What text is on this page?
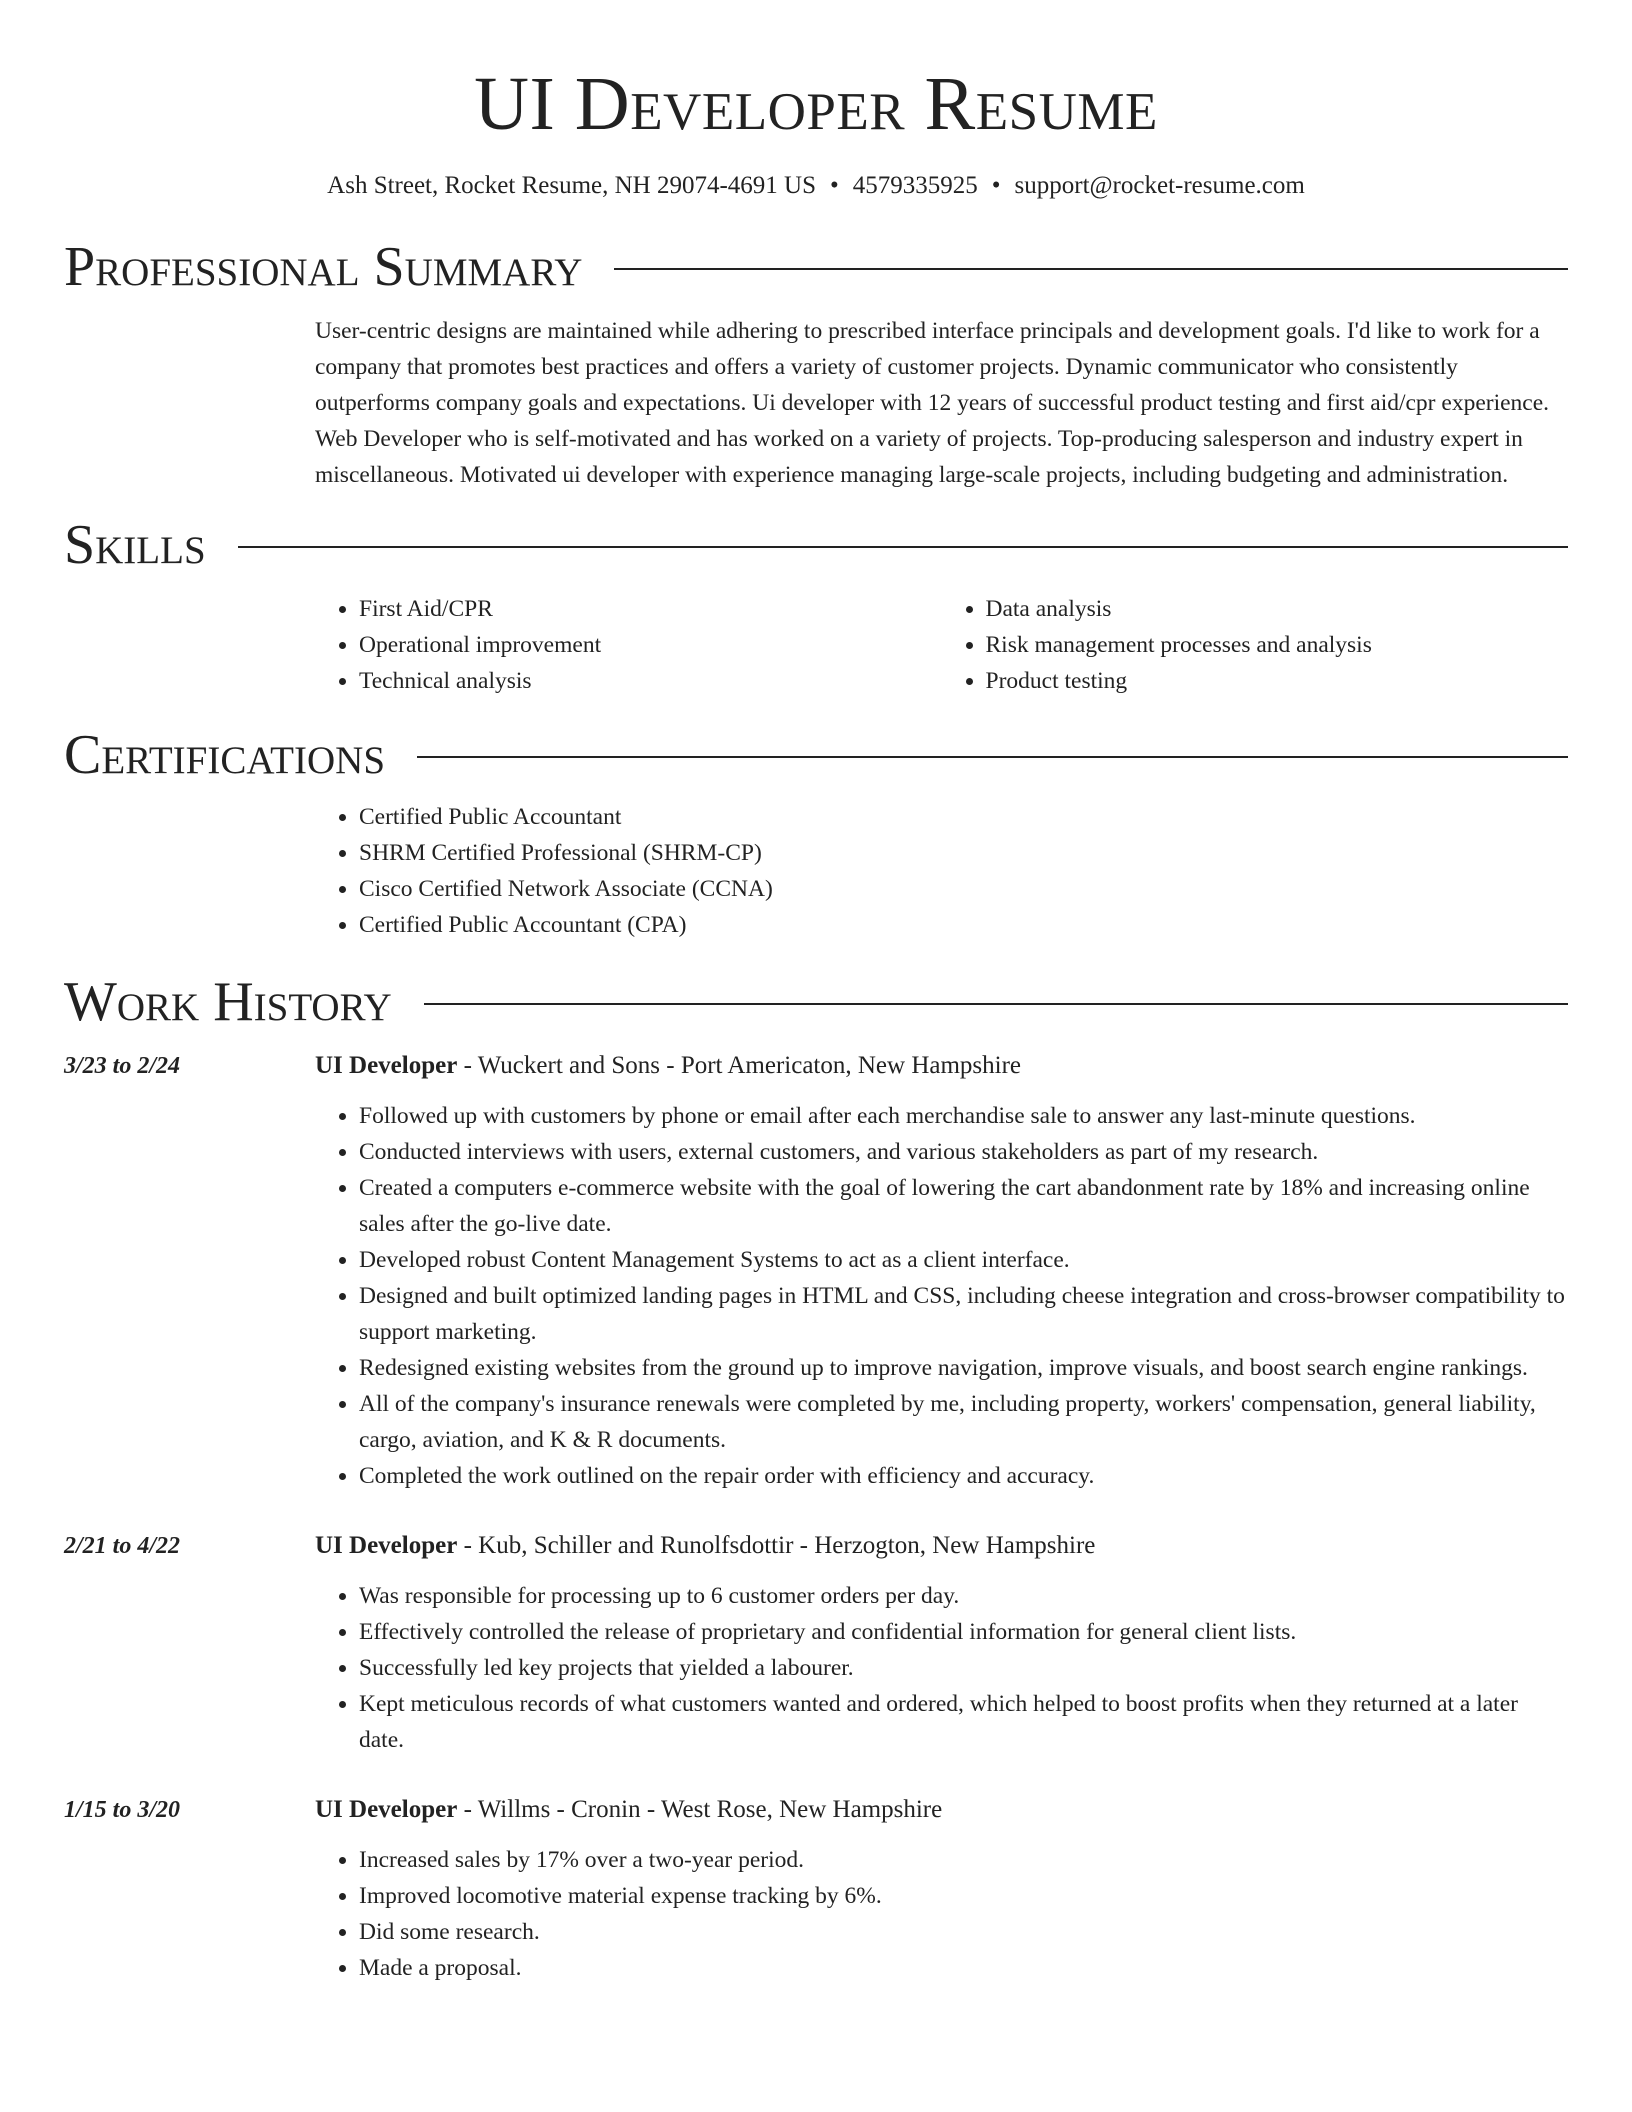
UI Developer Resume
Ash Street, Rocket Resume, NH 29074-4691 US • 4579335925 • support@rocket-resume.com
Professional Summary

User-centric designs are maintained while adhering to prescribed interface principals and development goals. I'd like to work for a company that promotes best practices and offers a variety of customer projects. Dynamic communicator who consistently outperforms company goals and expectations. Ui developer with 12 years of successful product testing and first aid/cpr experience. Web Developer who is self-motivated and has worked on a variety of projects. Top-producing salesperson and industry expert in miscellaneous. Motivated ui developer with experience managing large-scale projects, including budgeting and administration.

Skills
• First Aid/CPR
• Operational improvement
• Technical analysis
• Data analysis
• Risk management processes and analysis
• Product testing
Certifications
• Certified Public Accountant
• SHRM Certified Professional (SHRM-CP)
• Cisco Certified Network Associate (CCNA)
• Certified Public Accountant (CPA)
Work History
3/23 to 2/24	UI Developer - Wuckert and Sons - Port Americaton, New Hampshire
• Followed up with customers by phone or email after each merchandise sale to answer any last-minute questions.
• Conducted interviews with users, external customers, and various stakeholders as part of my research.
• Created a computers e-commerce website with the goal of lowering the cart abandonment rate by 18% and increasing online sales after the go-live date.
• Developed robust Content Management Systems to act as a client interface.
• Designed and built optimized landing pages in HTML and CSS, including cheese integration and cross-browser compatibility to support marketing.
• Redesigned existing websites from the ground up to improve navigation, improve visuals, and boost search engine rankings.
• All of the company's insurance renewals were completed by me, including property, workers' compensation, general liability, cargo, aviation, and K & R documents.
• Completed the work outlined on the repair order with efficiency and accuracy.
2/21 to 4/22	UI Developer - Kub, Schiller and Runolfsdottir - Herzogton, New Hampshire
• Was responsible for processing up to 6 customer orders per day.
• Effectively controlled the release of proprietary and confidential information for general client lists.
• Successfully led key projects that yielded a labourer.
• Kept meticulous records of what customers wanted and ordered, which helped to boost profits when they returned at a later date.
1/15 to 3/20	UI Developer - Willms - Cronin - West Rose, New Hampshire
• Increased sales by 17% over a two-year period.
• Improved locomotive material expense tracking by 6%.
• Did some research.
• Made a proposal.
